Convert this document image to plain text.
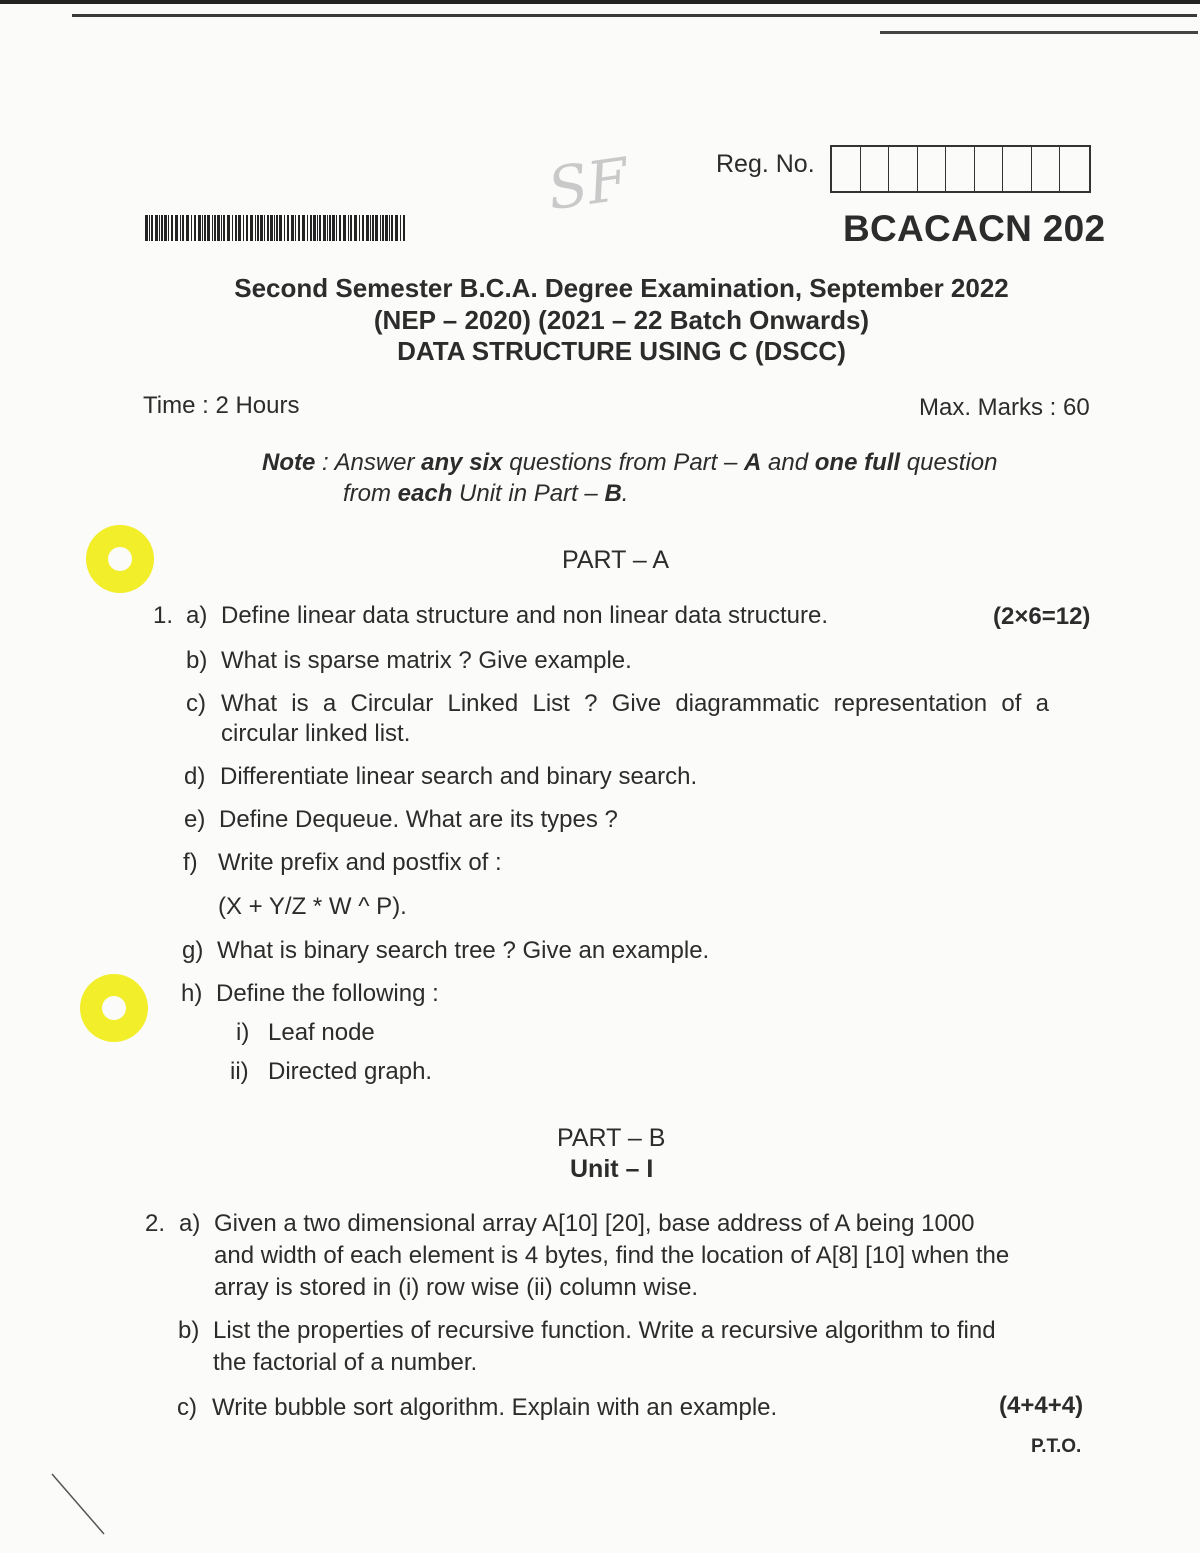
SF	Reg. No.
BCACACN 202
Second Semester B.C.A. Degree Examination, September 2022
(NEP – 2020) (2021 – 22 Batch Onwards)
DATA STRUCTURE USING C (DSCC)
Time : 2 Hours	Max. Marks : 60
Note : Answer any six questions from Part – A and one full question
from each Unit in Part – B.
PART – A
1.	(2×6=12)
a) Define linear data structure and non linear data structure.
b) What is sparse matrix ? Give example.
c) What is a Circular Linked List ? Give diagrammatic representation of a
circular linked list.
d) Differentiate linear search and binary search.
e) Define Dequeue. What are its types ?
f) Write prefix and postfix of :
(X + Y/Z * W ^ P).
g) What is binary search tree ? Give an example.
h) Define the following :
i) Leaf node
ii) Directed graph.
PART – B
Unit – I
2. a) Given a two dimensional array A[10] [20], base address of A being 1000
and width of each element is 4 bytes, find the location of A[8] [10] when the
array is stored in (i) row wise (ii) column wise.
b) List the properties of recursive function. Write a recursive algorithm to find
the factorial of a number.
c) Write bubble sort algorithm. Explain with an example.	(4+4+4)
P.T.O.
